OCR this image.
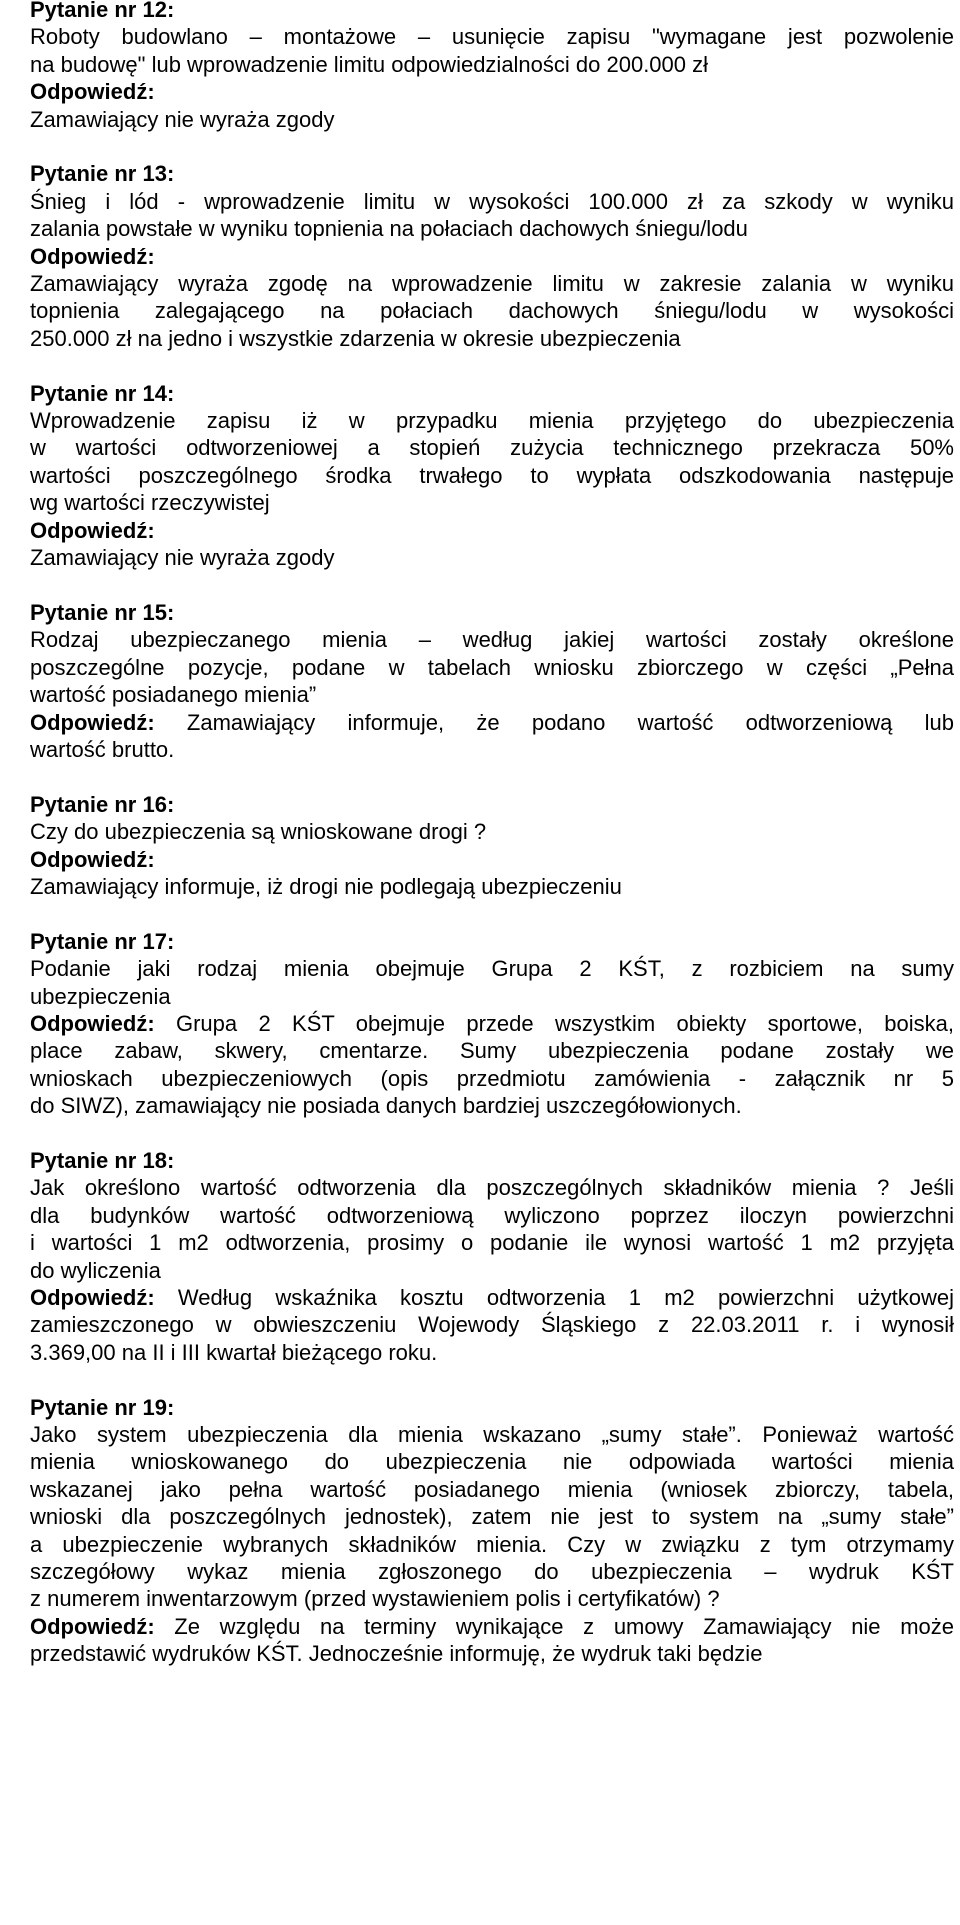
Pytanie nr 12:
Roboty budowlano – montażowe – usunięcie zapisu "wymagane jest pozwolenie
na budowę" lub wprowadzenie limitu odpowiedzialności do 200.000 zł
Odpowiedź:
Zamawiający nie wyraża zgody
Pytanie nr 13:
Śnieg i lód - wprowadzenie limitu w wysokości 100.000 zł za szkody w wyniku
zalania powstałe w wyniku topnienia na połaciach dachowych śniegu/lodu
Odpowiedź:
Zamawiający wyraża zgodę na wprowadzenie limitu w zakresie zalania w wyniku
topnienia zalegającego na połaciach dachowych śniegu/lodu w wysokości
250.000 zł na jedno i wszystkie zdarzenia w okresie ubezpieczenia
Pytanie nr 14:
Wprowadzenie zapisu iż w przypadku mienia przyjętego do ubezpieczenia
w wartości odtworzeniowej a stopień zużycia technicznego przekracza 50%
wartości poszczególnego środka trwałego to wypłata odszkodowania następuje
wg wartości rzeczywistej
Odpowiedź:
Zamawiający nie wyraża zgody
Pytanie nr 15:
Rodzaj ubezpieczanego mienia – według jakiej wartości zostały określone
poszczególne pozycje, podane w tabelach wniosku zbiorczego w części „Pełna
wartość posiadanego mienia”
Odpowiedź: Zamawiający informuje, że podano wartość odtworzeniową lub
wartość brutto.
Pytanie nr 16:
Czy do ubezpieczenia są wnioskowane drogi ?
Odpowiedź:
Zamawiający informuje, iż drogi nie podlegają ubezpieczeniu
Pytanie nr 17:
Podanie jaki rodzaj mienia obejmuje Grupa 2 KŚT, z rozbiciem na sumy
ubezpieczenia
Odpowiedź: Grupa 2 KŚT obejmuje przede wszystkim obiekty sportowe, boiska,
place zabaw, skwery, cmentarze. Sumy ubezpieczenia podane zostały we
wnioskach ubezpieczeniowych (opis przedmiotu zamówienia - załącznik nr 5
do SIWZ), zamawiający nie posiada danych bardziej uszczegółowionych.
Pytanie nr 18:
Jak określono wartość odtworzenia dla poszczególnych składników mienia ? Jeśli
dla budynków wartość odtworzeniową wyliczono poprzez iloczyn powierzchni
i wartości 1 m2 odtworzenia, prosimy o podanie ile wynosi wartość 1 m2 przyjęta
do wyliczenia
Odpowiedź: Według wskaźnika kosztu odtworzenia 1 m2 powierzchni użytkowej
zamieszczonego w obwieszczeniu Wojewody Śląskiego z 22.03.2011 r. i wynosił
3.369,00 na II i III kwartał bieżącego roku.
Pytanie nr 19:
Jako system ubezpieczenia dla mienia wskazano „sumy stałe”. Ponieważ wartość
mienia wnioskowanego do ubezpieczenia nie odpowiada wartości mienia
wskazanej jako pełna wartość posiadanego mienia (wniosek zbiorczy, tabela,
wnioski dla poszczególnych jednostek), zatem nie jest to system na „sumy stałe”
a ubezpieczenie wybranych składników mienia. Czy w związku z tym otrzymamy
szczegółowy wykaz mienia zgłoszonego do ubezpieczenia – wydruk KŚT
z numerem inwentarzowym (przed wystawieniem polis i certyfikatów) ?
Odpowiedź: Ze względu na terminy wynikające z umowy Zamawiający nie może
przedstawić wydruków KŚT. Jednocześnie informuję, że wydruk taki będzie
